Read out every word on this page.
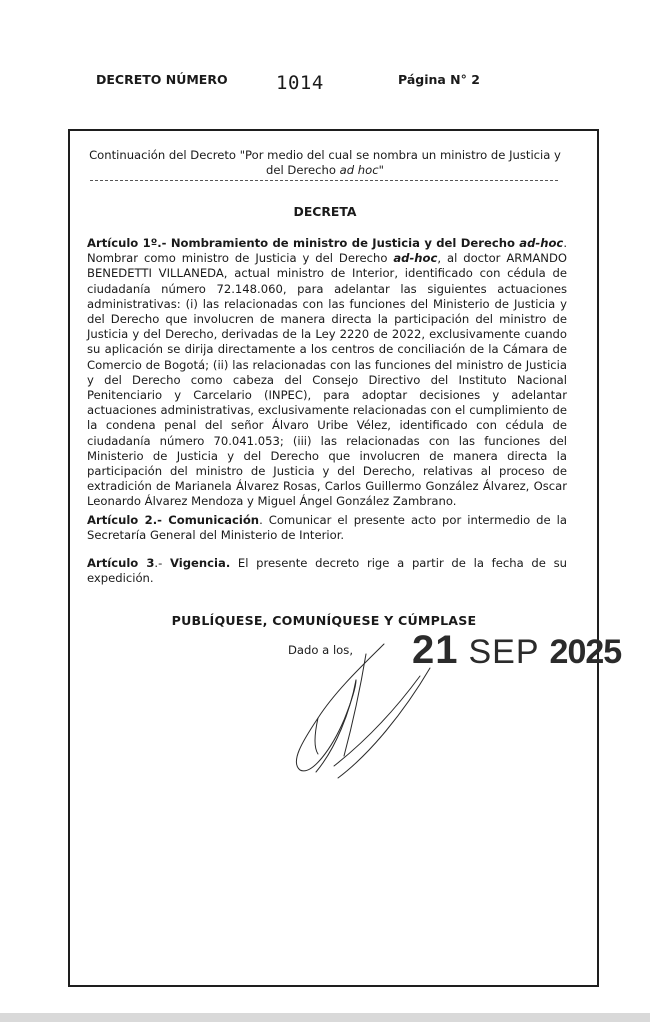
DECRETO NÚMERO	1014	Página N° 2
Continuación del Decreto "Por medio del cual se nombra un ministro de Justicia y del Derecho ad hoc"
DECRETA
Artículo 1º.- Nombramiento de ministro de Justicia y del Derecho ad-hoc. Nombrar como ministro de Justicia y del Derecho ad-hoc, al doctor ARMANDO BENEDETTI VILLANEDA, actual ministro de Interior, identificado con cédula de ciudadanía número 72.148.060, para adelantar las siguientes actuaciones administrativas: (i) las relacionadas con las funciones del Ministerio de Justicia y del Derecho que involucren de manera directa la participación del ministro de Justicia y del Derecho, derivadas de la Ley 2220 de 2022, exclusivamente cuando su aplicación se dirija directamente a los centros de conciliación de la Cámara de Comercio de Bogotá; (ii) las relacionadas con las funciones del ministro de Justicia y del Derecho como cabeza del Consejo Directivo del Instituto Nacional Penitenciario y Carcelario (INPEC), para adoptar decisiones y adelantar actuaciones administrativas, exclusivamente relacionadas con el cumplimiento de la condena penal del señor Álvaro Uribe Vélez, identificado con cédula de ciudadanía número 70.041.053; (iii) las relacionadas con las funciones del Ministerio de Justicia y del Derecho que involucren de manera directa la participación del ministro de Justicia y del Derecho, relativas al proceso de extradición de Marianela Álvarez Rosas, Carlos Guillermo González Álvarez, Oscar Leonardo Álvarez Mendoza y Miguel Ángel González Zambrano.
Artículo 2.- Comunicación. Comunicar el presente acto por intermedio de la Secretaría General del Ministerio de Interior.
Artículo 3.- Vigencia. El presente decreto rige a partir de la fecha de su expedición.
PUBLÍQUESE, COMUNÍQUESE Y CÚMPLASE
Dado a los, 21 SEP 2025
